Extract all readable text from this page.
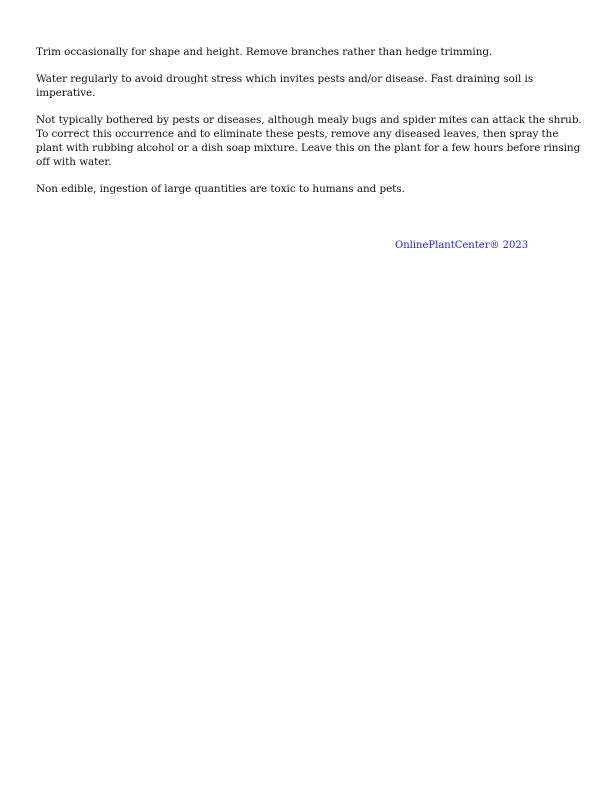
Trim occasionally for shape and height. Remove branches rather than hedge trimming.

Water regularly to avoid drought stress which invites pests and/or disease. Fast draining soil is imperative.

Not typically bothered by pests or diseases, although mealy bugs and spider mites can attack the shrub. To correct this occurrence and to eliminate these pests, remove any diseased leaves, then spray the plant with rubbing alcohol or a dish soap mixture. Leave this on the plant for a few hours before rinsing off with water.

Non edible, ingestion of large quantities are toxic to humans and pets.

OnlinePlantCenter® 2023
